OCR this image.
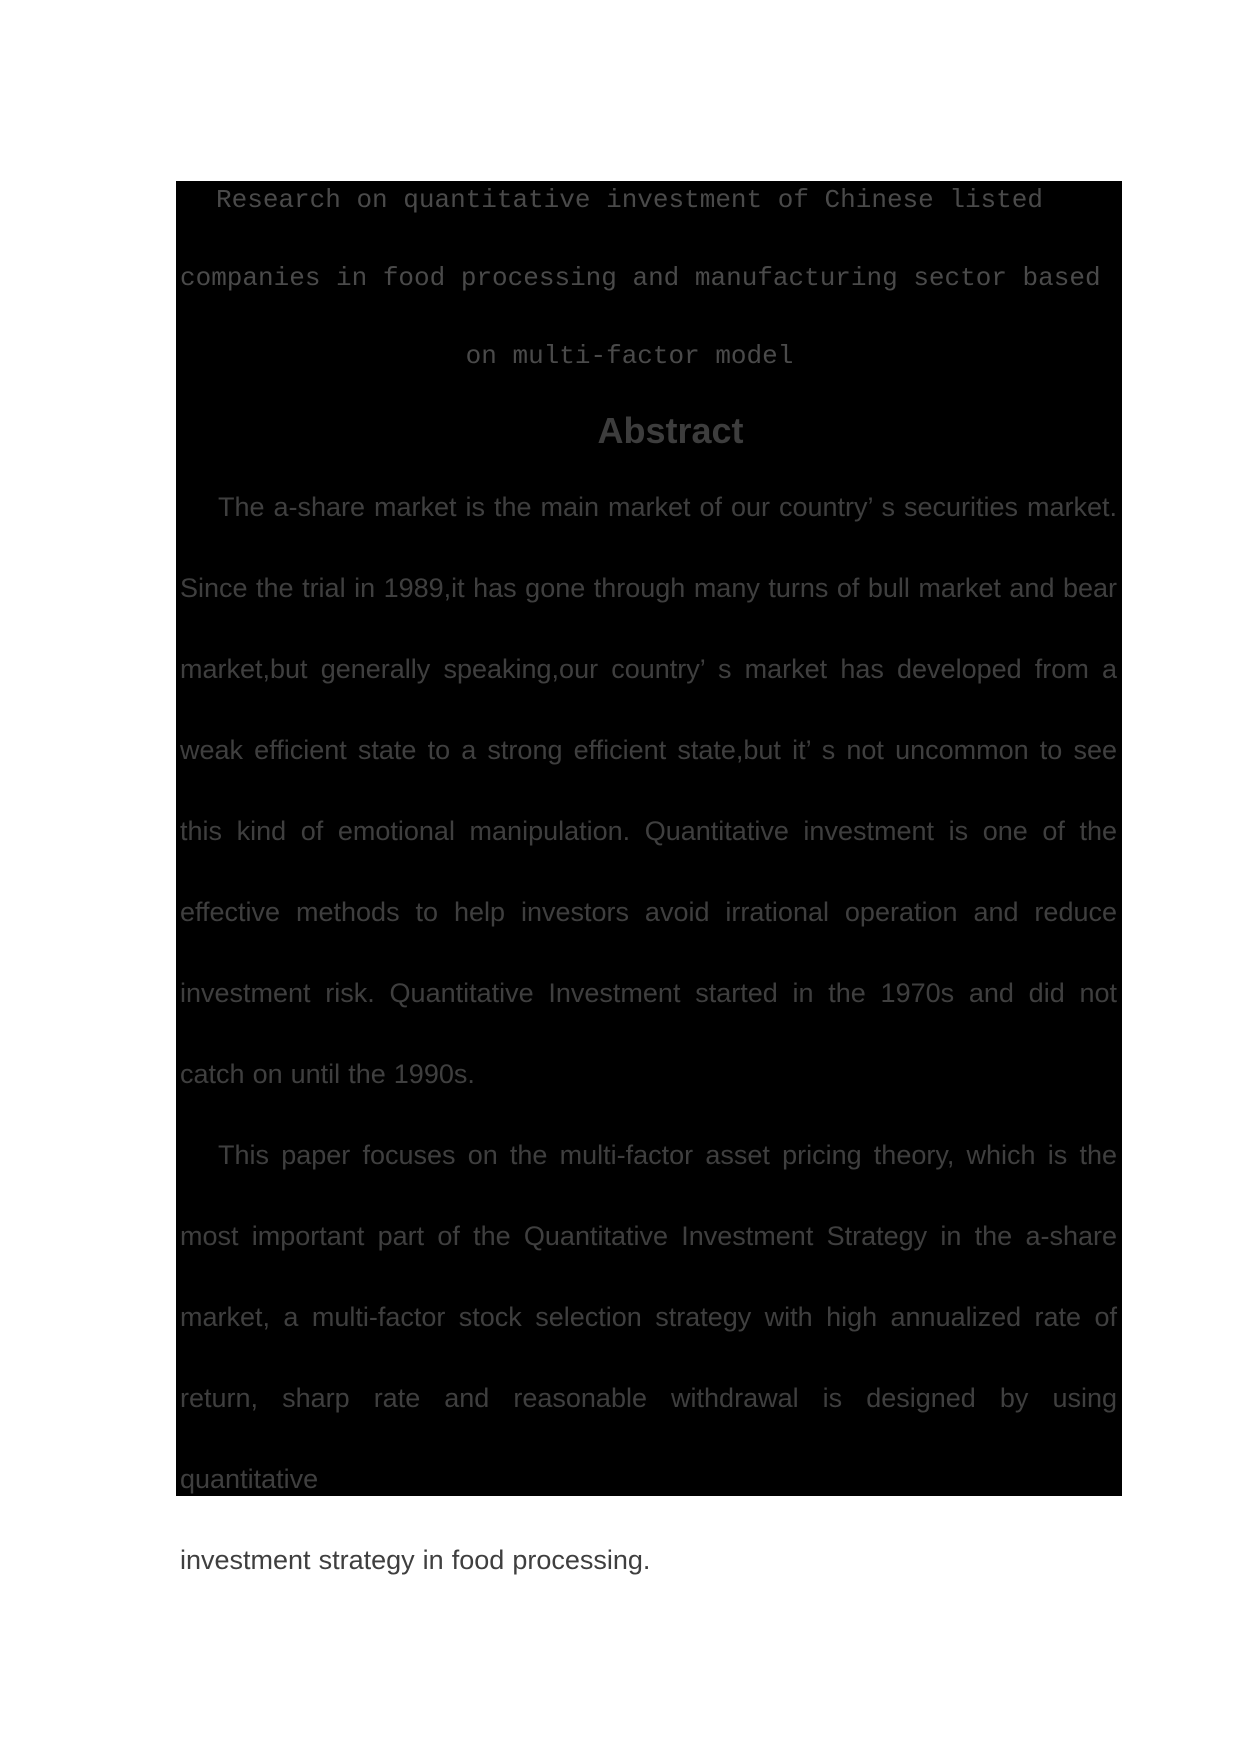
Research on quantitative investment of Chinese listed
companies in food processing and manufacturing sector based
on multi-factor model
Abstract
The a-share market is the main market of our country’ s securities market.
Since the trial in 1989,it has gone through many turns of bull market and bear
market,but generally speaking,our country’ s market has developed from a
weak efficient state to a strong efficient state,but it’ s not uncommon to see
this kind of emotional manipulation. Quantitative investment is one of the
effective methods to help investors avoid irrational operation and reduce
investment risk. Quantitative Investment started in the 1970s and did not
catch on until the 1990s.
This paper focuses on the multi-factor asset pricing theory, which is the
most important part of the Quantitative Investment Strategy in the a-share
market, a multi-factor stock selection strategy with high annualized rate of
return, sharp rate and reasonable withdrawal is designed by using quantitative
investment strategy in food processing.
